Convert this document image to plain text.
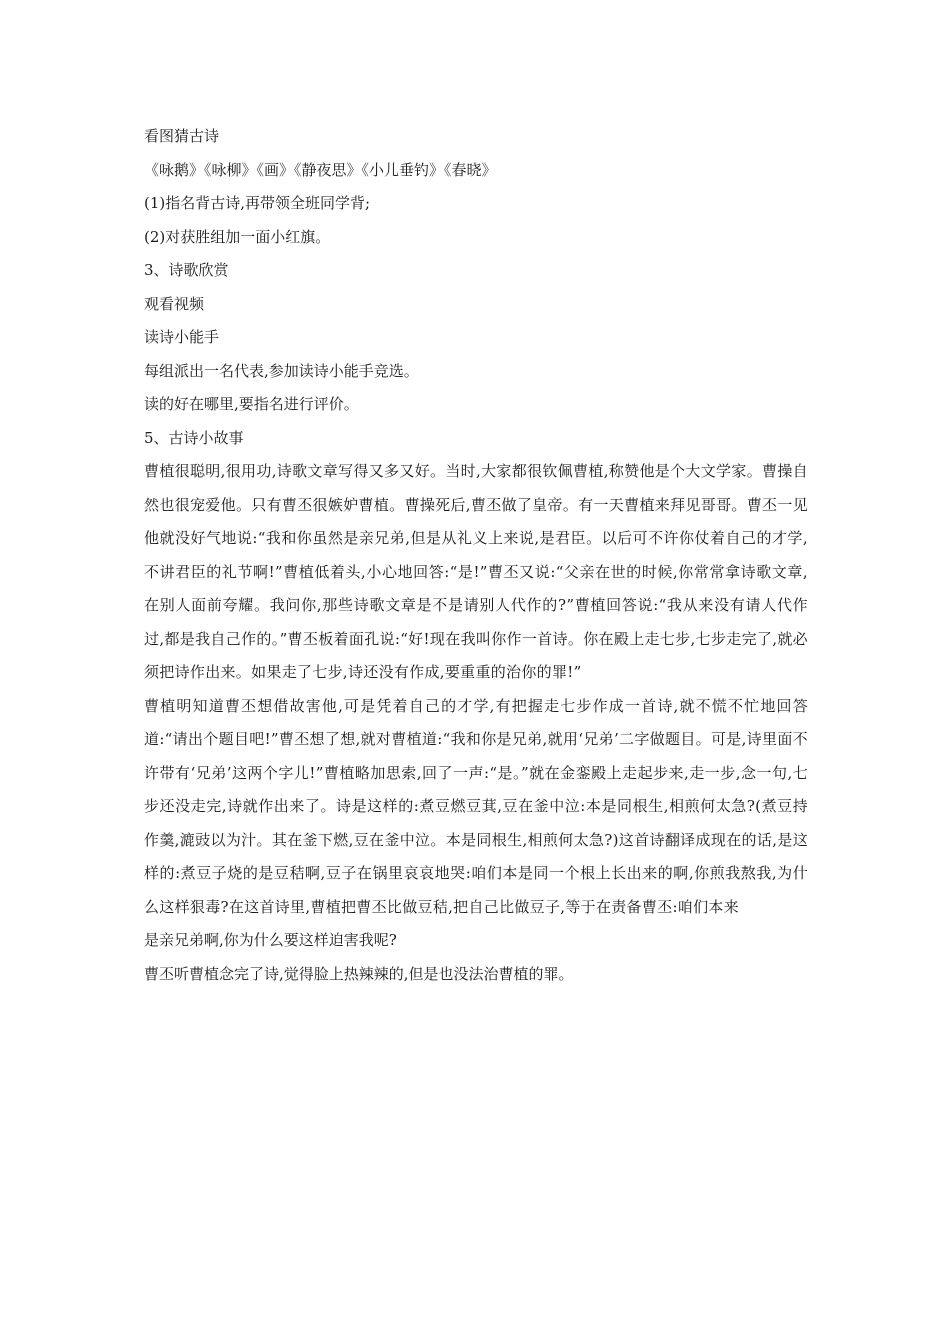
看图猜古诗

《咏鹅》《咏柳》《画》《静夜思》《小儿垂钓》《春晓》

(1)指名背古诗,再带领全班同学背;

(2)对获胜组加一面小红旗。

3、诗歌欣赏

观看视频

读诗小能手

每组派出一名代表,参加读诗小能手竞选。

读的好在哪里,要指名进行评价。

5、古诗小故事

曹植很聪明,很用功,诗歌文章写得又多又好。当时,大家都很钦佩曹植,称赞他是个大文学家。曹操自然也很宠爱他。只有曹丕很嫉妒曹植。曹操死后,曹丕做了皇帝。有一天曹植来拜见哥哥。曹丕一见他就没好气地说:“我和你虽然是亲兄弟,但是从礼义上来说,是君臣。以后可不许你仗着自己的才学,不讲君臣的礼节啊!”曹植低着头,小心地回答:“是!”曹丕又说:“父亲在世的时候,你常常拿诗歌文章,在别人面前夸耀。我问你,那些诗歌文章是不是请别人代作的?”曹植回答说:“我从来没有请人代作过,都是我自己作的。”曹丕板着面孔说:“好!现在我叫你作一首诗。你在殿上走七步,七步走完了,就必须把诗作出来。如果走了七步,诗还没有作成,要重重的治你的罪!”

曹植明知道曹丕想借故害他,可是凭着自己的才学,有把握走七步作成一首诗,就不慌不忙地回答道:“请出个题目吧!”曹丕想了想,就对曹植道:“我和你是兄弟,就用‘兄弟’二字做题目。可是,诗里面不许带有‘兄弟’这两个字儿!”曹植略加思索,回了一声:“是。”就在金銮殿上走起步来,走一步,念一句,七步还没走完,诗就作出来了。诗是这样的:煮豆燃豆萁,豆在釜中泣:本是同根生,相煎何太急?(煮豆持作羹,漉豉以为汁。其在釜下燃,豆在釜中泣。本是同根生,相煎何太急?)这首诗翻译成现在的话,是这样的:煮豆子烧的是豆秸啊,豆子在锅里哀哀地哭:咱们本是同一个根上长出来的啊,你煎我熬我,为什么这样狠毒?在这首诗里,曹植把曹丕比做豆秸,把自己比做豆子,等于在责备曹丕:咱们本来

是亲兄弟啊,你为什么要这样迫害我呢?

曹丕听曹植念完了诗,觉得脸上热辣辣的,但是也没法治曹植的罪。
